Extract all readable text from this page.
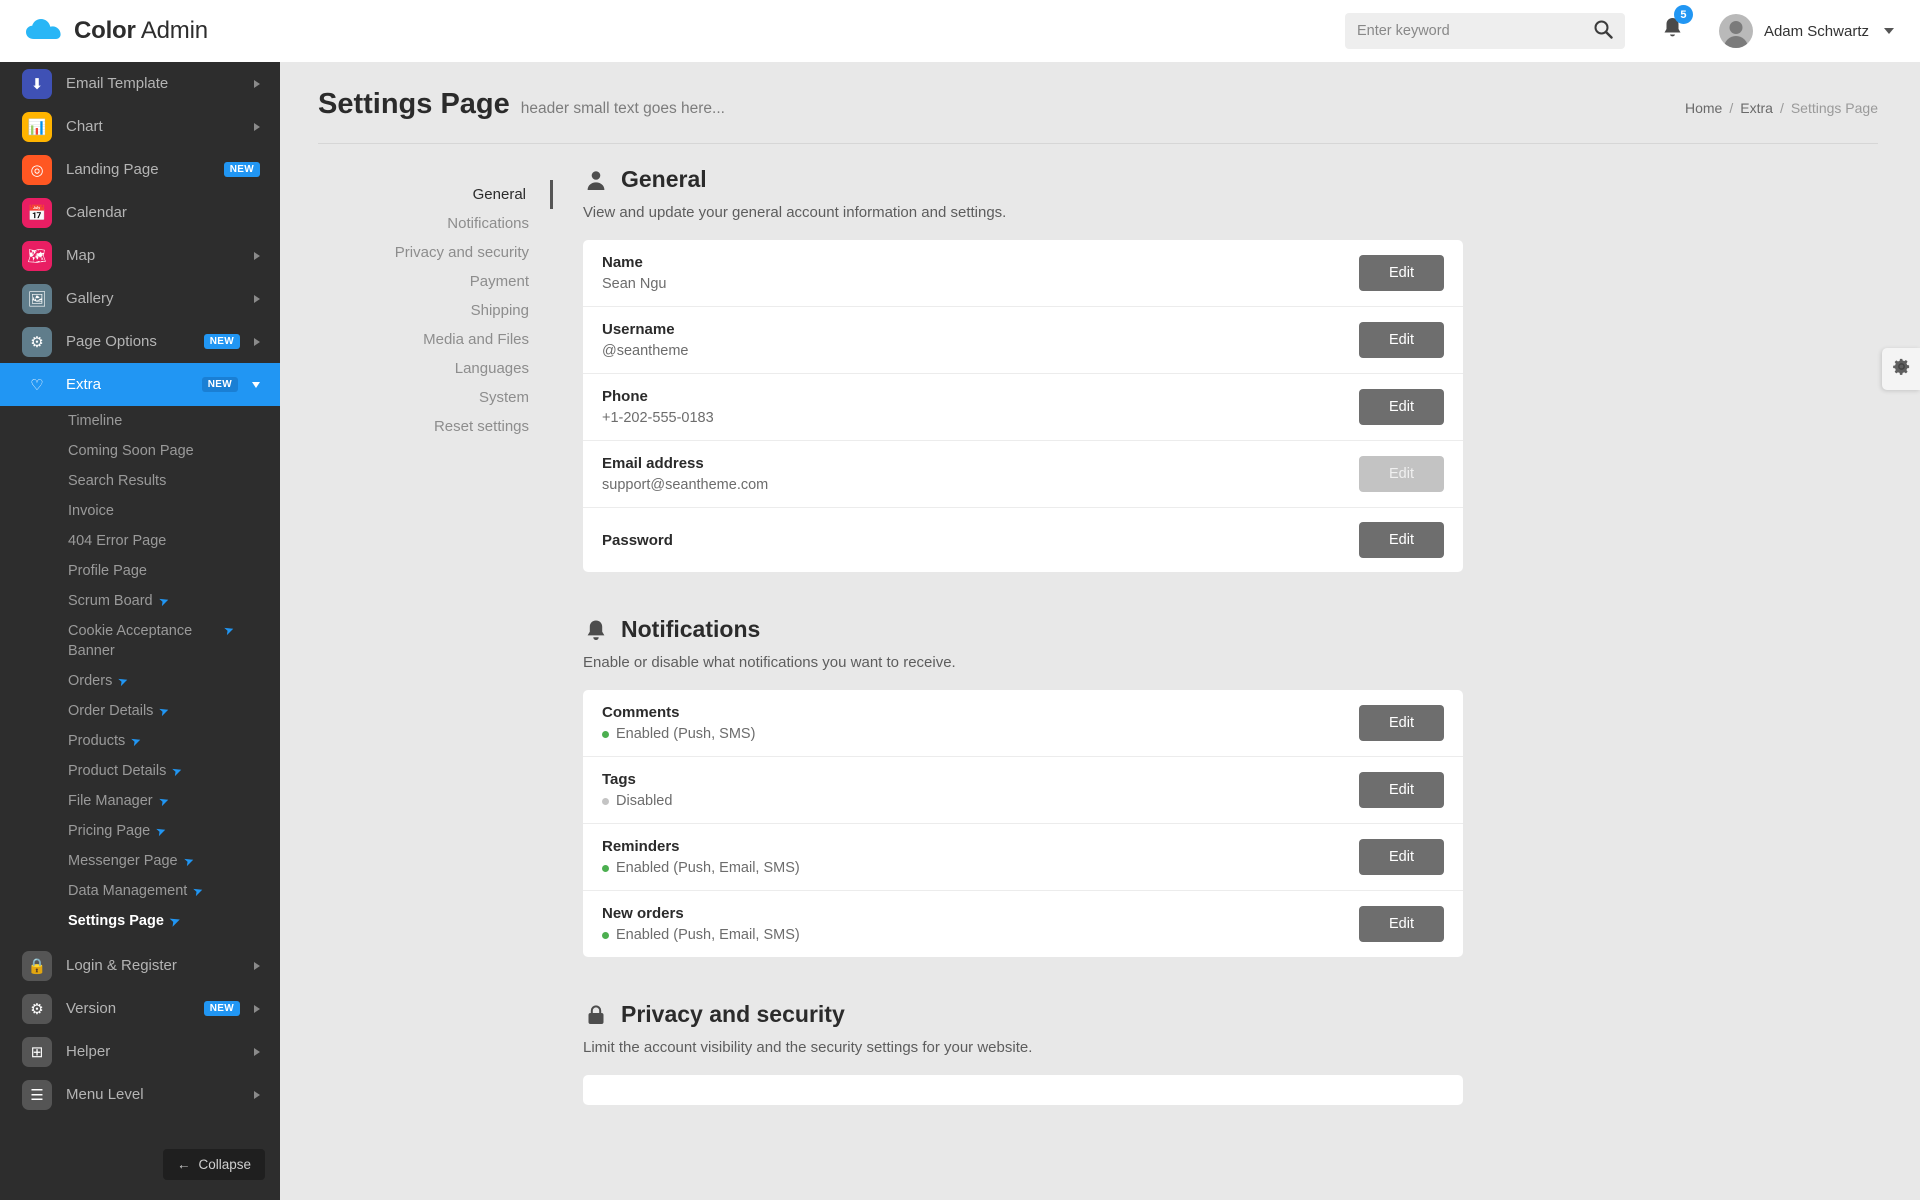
Color Admin
Enter keyword
5
Adam Schwartz
⬇	Email Template
📊	Chart
◎	Landing Page	NEW
📅	Calendar
🗺	Map
🖼	Gallery
⚙	Page Options	NEW
♡	Extra	NEW
Timeline
Coming Soon Page
Search Results
Invoice
404 Error Page
Profile Page
Scrum Board ➤
Cookie Acceptance Banner
➤
Orders ➤
Order Details ➤
Products ➤
Product Details ➤
File Manager ➤
Pricing Page ➤
Messenger Page ➤
Data Management ➤
Settings Page ➤
🔒	Login & Register
⚙	Version	NEW
⊞	Helper
☰	Menu Level
← Collapse
Settings Page header small text goes here...	Home / Extra / Settings Page
General
Notifications
Privacy and security
Payment
Shipping
Media and Files
Languages
System
Reset settings
General
View and update your general account information and settings.
Name
Sean Ngu
Edit
Username
@seantheme
Edit
Phone
+1-202-555-0183
Edit
Email address
support@seantheme.com
Edit
Password	Edit
Notifications
Enable or disable what notifications you want to receive.
Comments
Enabled (Push, SMS)
Edit
Tags
Disabled
Edit
Reminders
Enabled (Push, Email, SMS)
Edit
New orders
Enabled (Push, Email, SMS)
Edit
Privacy and security
Limit the account visibility and the security settings for your website.
